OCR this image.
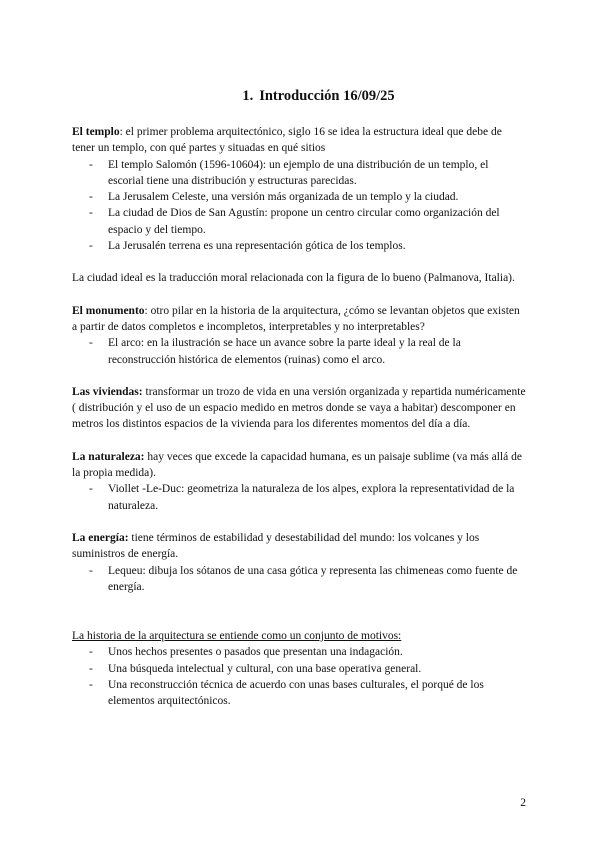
1. Introducción 16/09/25

El templo: el primer problema arquitectónico, siglo 16 se idea la estructura ideal que debe de tener un templo, con qué partes y situadas en qué sitios

- El templo Salomón (1596-10604): un ejemplo de una distribución de un templo, el escorial tiene una distribución y estructuras parecidas.
- La Jerusalem Celeste, una versión más organizada de un templo y la ciudad.
- La ciudad de Dios de San Agustín: propone un centro circular como organización del espacio y del tiempo.
- La Jerusalén terrena es una representación gótica de los templos.

La ciudad ideal es la traducción moral relacionada con la figura de lo bueno (Palmanova, Italia).

El monumento: otro pilar en la historia de la arquitectura, ¿cómo se levantan objetos que existen a partir de datos completos e incompletos, interpretables y no interpretables?

- El arco: en la ilustración se hace un avance sobre la parte ideal y la real de la reconstrucción histórica de elementos (ruinas) como el arco.

Las viviendas: transformar un trozo de vida en una versión organizada y repartida numéricamente ( distribución y el uso de un espacio medido en metros donde se vaya a habitar) descomponer en metros los distintos espacios de la vivienda para los diferentes momentos del día a día.

La naturaleza: hay veces que excede la capacidad humana, es un paisaje sublime (va más allá de la propia medida).

- Viollet -Le-Duc: geometriza la naturaleza de los alpes, explora la representatividad de la naturaleza.

La energía: tiene términos de estabilidad y desestabilidad del mundo: los volcanes y los suministros de energía.

- Lequeu: dibuja los sótanos de una casa gótica y representa las chimeneas como fuente de energía.

La historia de la arquitectura se entiende como un conjunto de motivos:

- Unos hechos presentes o pasados que presentan una indagación.
- Una búsqueda intelectual y cultural, con una base operativa general.
- Una reconstrucción técnica de acuerdo con unas bases culturales, el porqué de los elementos arquitectónicos.
2
